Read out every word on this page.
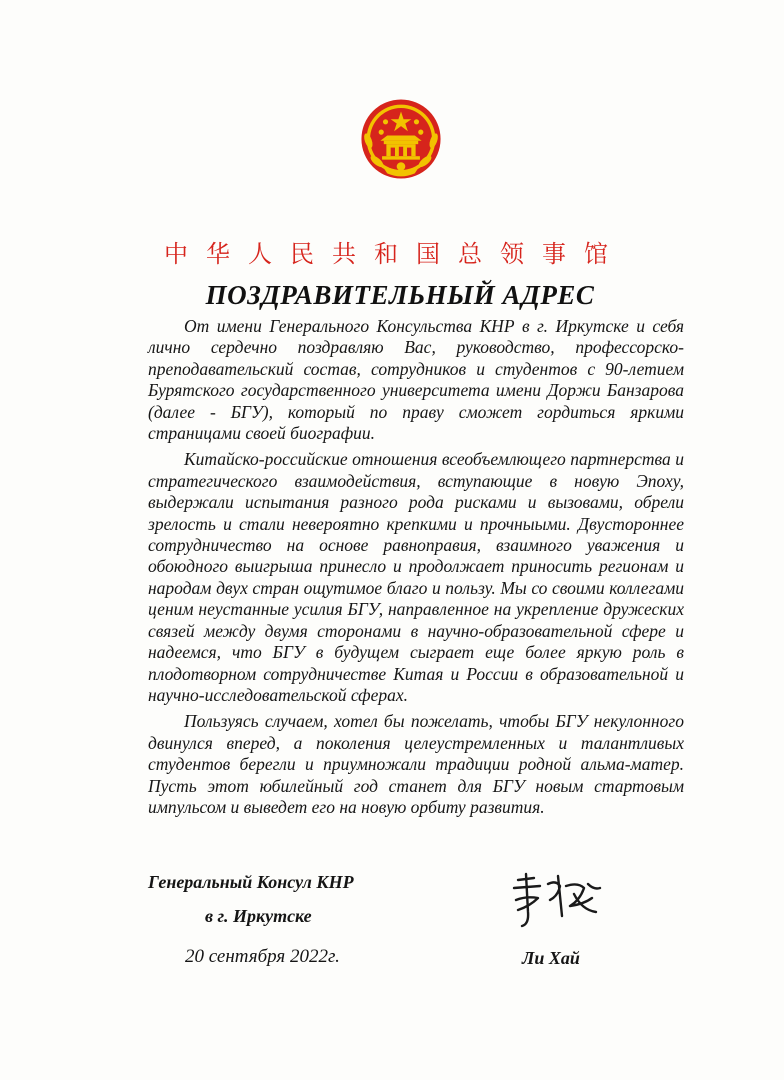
中华人民共和国总领事馆
ПОЗДРАВИТЕЛЬНЫЙ АДРЕС

От имени Генерального Консульства КНР в г. Иркутске и себя лично сердечно поздравляю Вас, руководство, профессорско-преподавательский состав, сотрудников и студентов с 90-летием Бурятского государственного университета имени Доржи Банзарова (далее - БГУ), который по праву сможет гордиться яркими страницами своей биографии.

Китайско-российские отношения всеобъемлющего партнерства и стратегического взаимодействия, вступающие в новую Эпоху, выдержали испытания разного рода рисками и вызовами, обрели зрелость и стали невероятно крепкими и прочныыми. Двустороннее сотрудничество на основе равноправия, взаимного уважения и обоюдного выигрыша принесло и продолжает приносить регионам и народам двух стран ощутимое благо и пользу. Мы со своими коллегами ценим неустанные усилия БГУ, направленное на укрепление дружеских связей между двумя сторонами в научно-образовательной сфере и надеемся, что БГУ в будущем сыграет еще более яркую роль в плодотворном сотрудничестве Китая и России в образовательной и научно-исследовательской сферах.

Пользуясь случаем, хотел бы пожелать, чтобы БГУ некулонного двинулся вперед, а поколения целеустремленных и талантливых студентов берегли и приумножали традиции родной альма-матер. Пусть этот юбилейный год станет для БГУ новым стартовым импульсом и выведет его на новую орбиту развития.

Генеральный Консул КНР
в г. Иркутске
20 сентября 2022г.	Ли Хай
